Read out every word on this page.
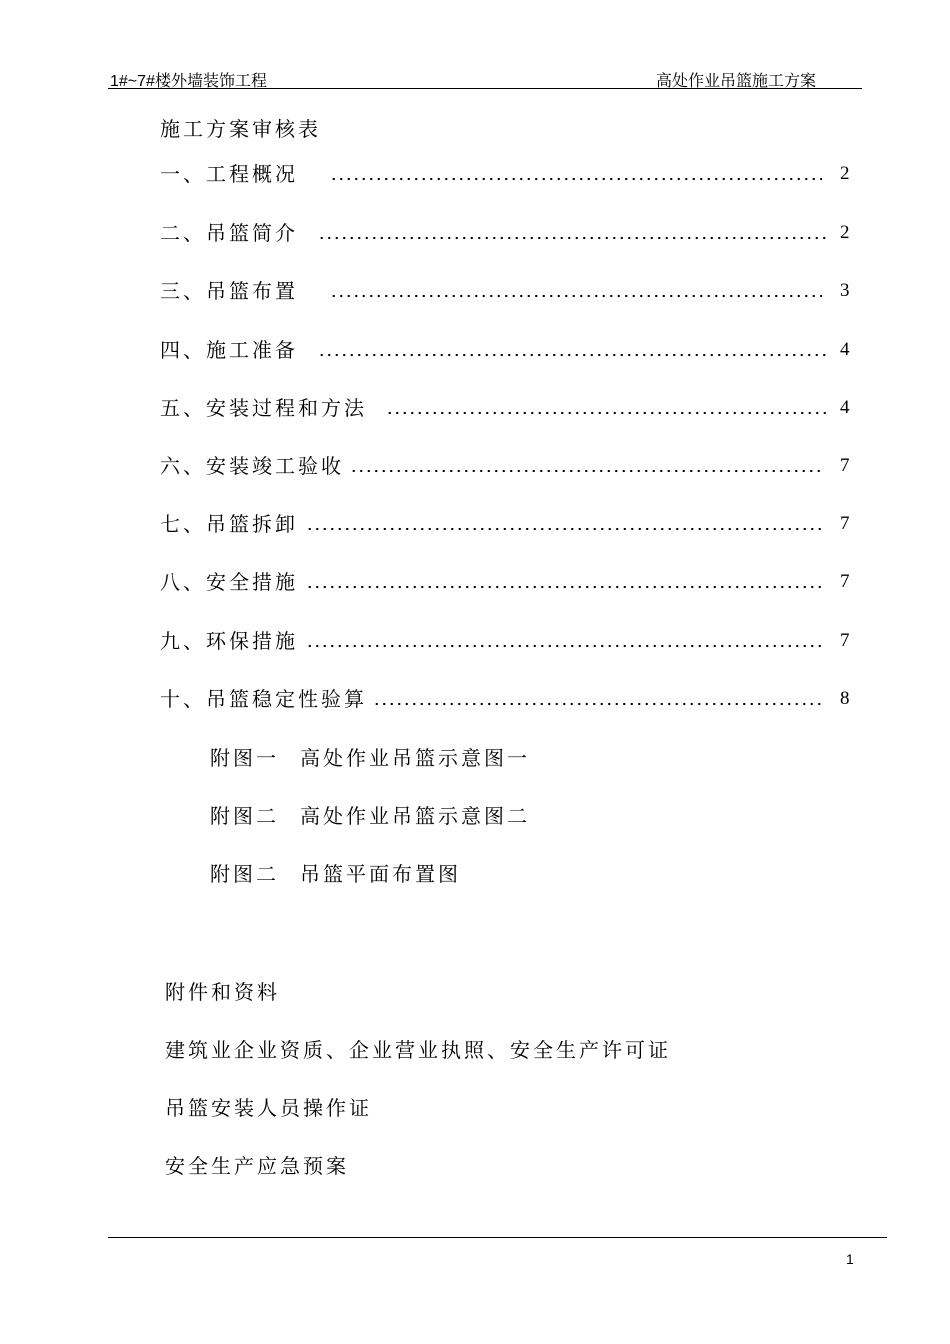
1#~7#楼外墙装饰工程	高处作业吊篮施工方案
施工方案审核表
一、工程概况	2
二、吊篮简介	2
三、吊篮布置	3
四、施工准备	4
五、安装过程和方法	4
六、安装竣工验收	7
七、吊篮拆卸	7
八、安全措施	7
九、环保措施	7
十、吊篮稳定性验算	8
附图一 高处作业吊篮示意图一
附图二 高处作业吊篮示意图二
附图二 吊篮平面布置图
附件和资料
建筑业企业资质、企业营业执照、安全生产许可证
吊篮安装人员操作证
安全生产应急预案
1
